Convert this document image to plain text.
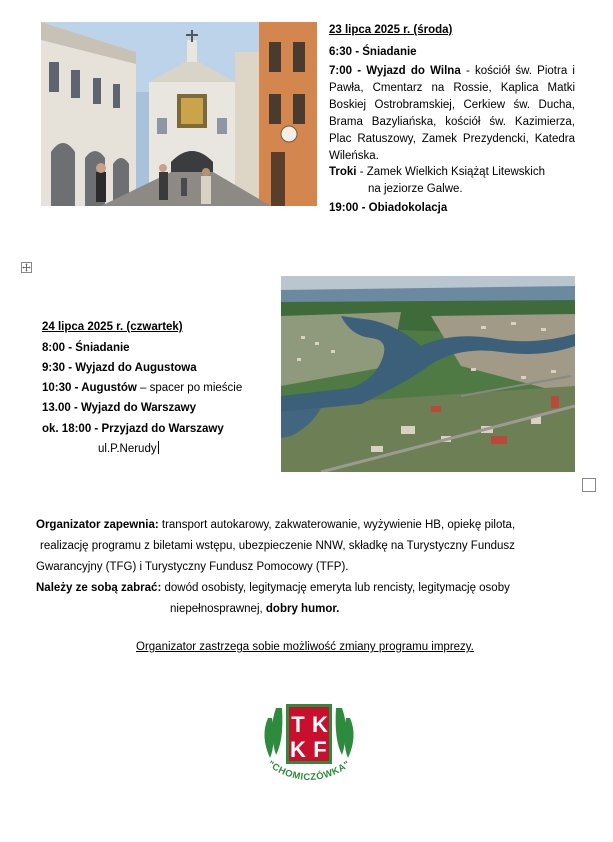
23 lipca 2025 r. (środa)
6:30 - Śniadanie
7:00 - Wyjazd do Wilna - kościół św. Piotra i Pawła, Cmentarz na Rossie, Kaplica Matki Boskiej Ostrobramskiej, Cerkiew św. Ducha, Brama Bazyliańska, kościół św. Kazimierza, Plac Ratuszowy, Zamek Prezydencki, Katedra Wileńska.
Troki - Zamek Wielkich Książąt Litewskich
na jeziorze Galwe.
19:00 - Obiadokolacja
24 lipca 2025 r. (czwartek)
8:00 - Śniadanie
9:30 - Wyjazd do Augustowa
10:30 - Augustów – spacer po mieście
13.00 - Wyjazd do Warszawy
ok. 18:00 - Przyjazd do Warszawy
ul.P.Nerudy
Organizator zapewnia: transport autokarowy, zakwaterowanie, wyżywienie HB, opiekę pilota,
realizację programu z biletami wstępu, ubezpieczenie NNW, składkę na Turystyczny Fundusz
Gwarancyjny (TFG) i Turystyczny Fundusz Pomocowy (TFP).
Należy ze sobą zabrać: dowód osobisty, legitymację emeryta lub rencisty, legitymację osoby
niepełnosprawnej, dobry humor.
Organizator zastrzega sobie możliwość zmiany programu imprezy.
T K
K F
"CHOMICZÓWKA"
